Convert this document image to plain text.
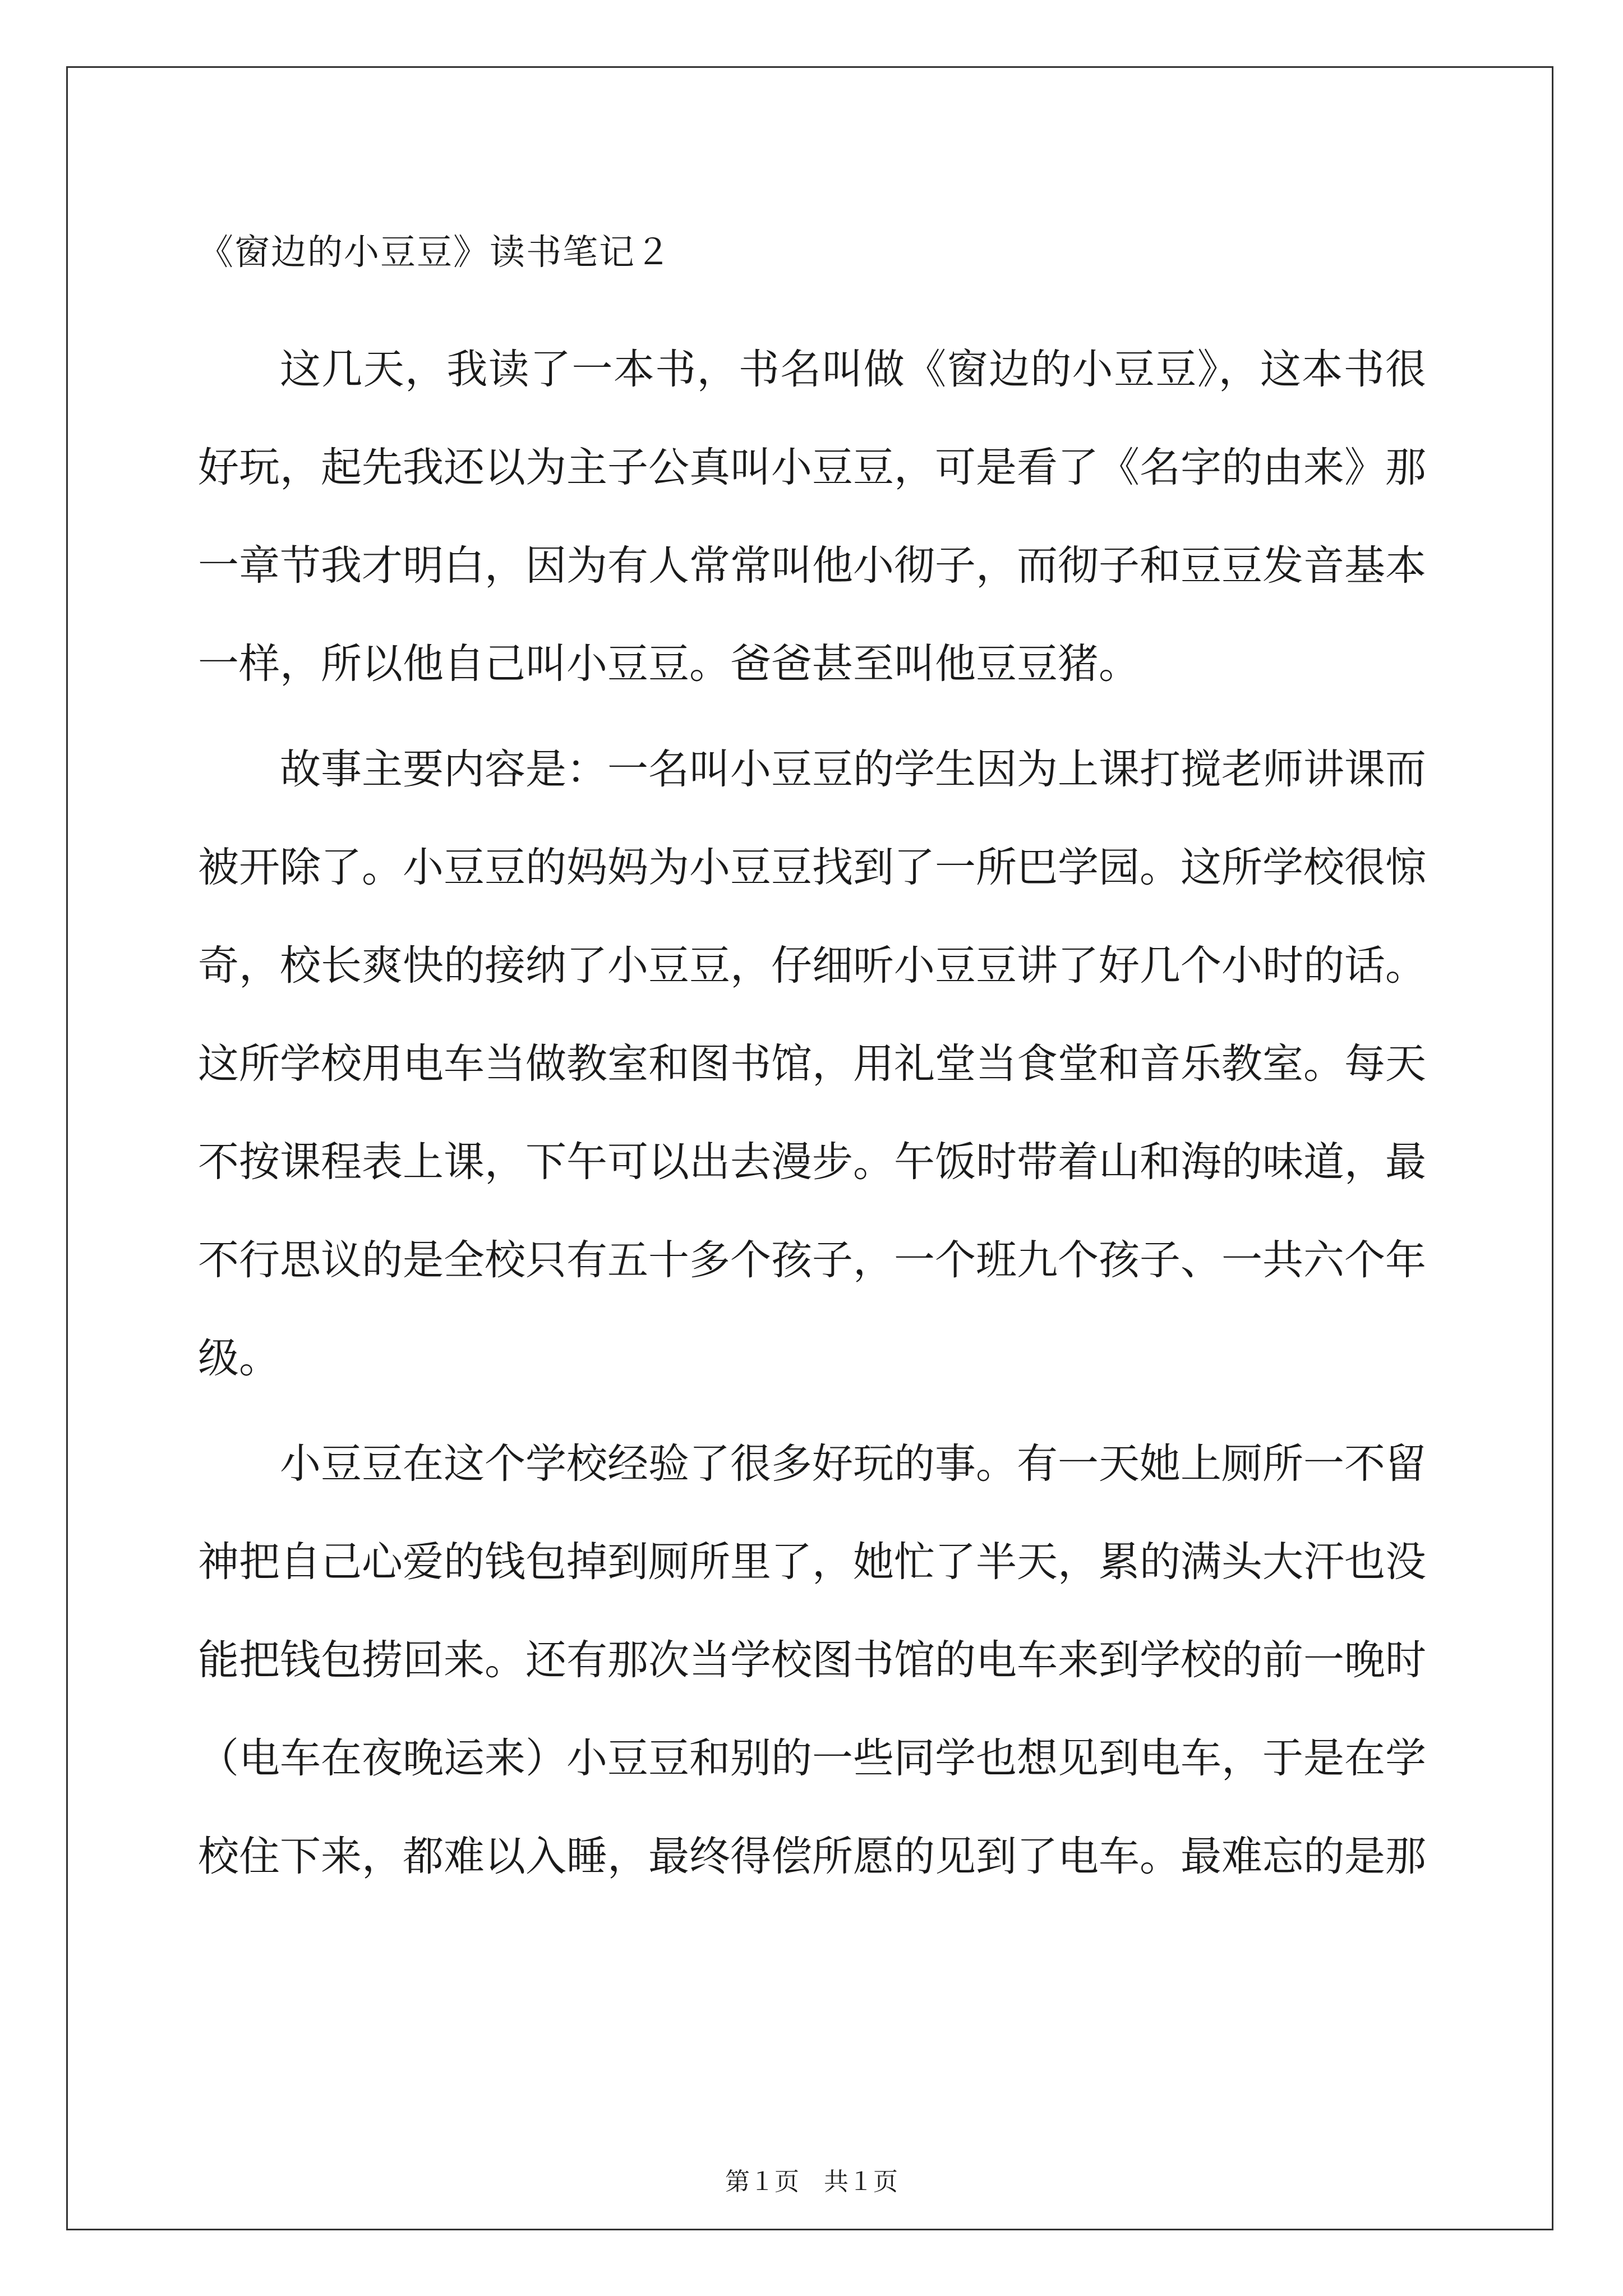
《窗边的小豆豆》读书笔记２

这几天，我读了一本书，书名叫做《窗边的小豆豆》，这本书很好玩，起先我还以为主子公真叫小豆豆，可是看了《名字的由来》那一章节我才明白，因为有人常常叫他小彻子，而彻子和豆豆发音基本一样，所以他自己叫小豆豆。爸爸甚至叫他豆豆猪。

故事主要内容是：一名叫小豆豆的学生因为上课打搅老师讲课而被开除了。小豆豆的妈妈为小豆豆找到了一所巴学园。这所学校很惊奇，校长爽快的接纳了小豆豆，仔细听小豆豆讲了好几个小时的话。这所学校用电车当做教室和图书馆，用礼堂当食堂和音乐教室。每天不按课程表上课，下午可以出去漫步。午饭时带着山和海的味道，最不行思议的是全校只有五十多个孩子，一个班九个孩子、一共六个年级。

小豆豆在这个学校经验了很多好玩的事。有一天她上厕所一不留神把自己心爱的钱包掉到厕所里了，她忙了半天，累的满头大汗也没能把钱包捞回来。还有那次当学校图书馆的电车来到学校的前一晚时（电车在夜晚运来）小豆豆和别的一些同学也想见到电车，于是在学校住下来，都难以入睡，最终得偿所愿的见到了电车。最难忘的是那

第１页　共１页
